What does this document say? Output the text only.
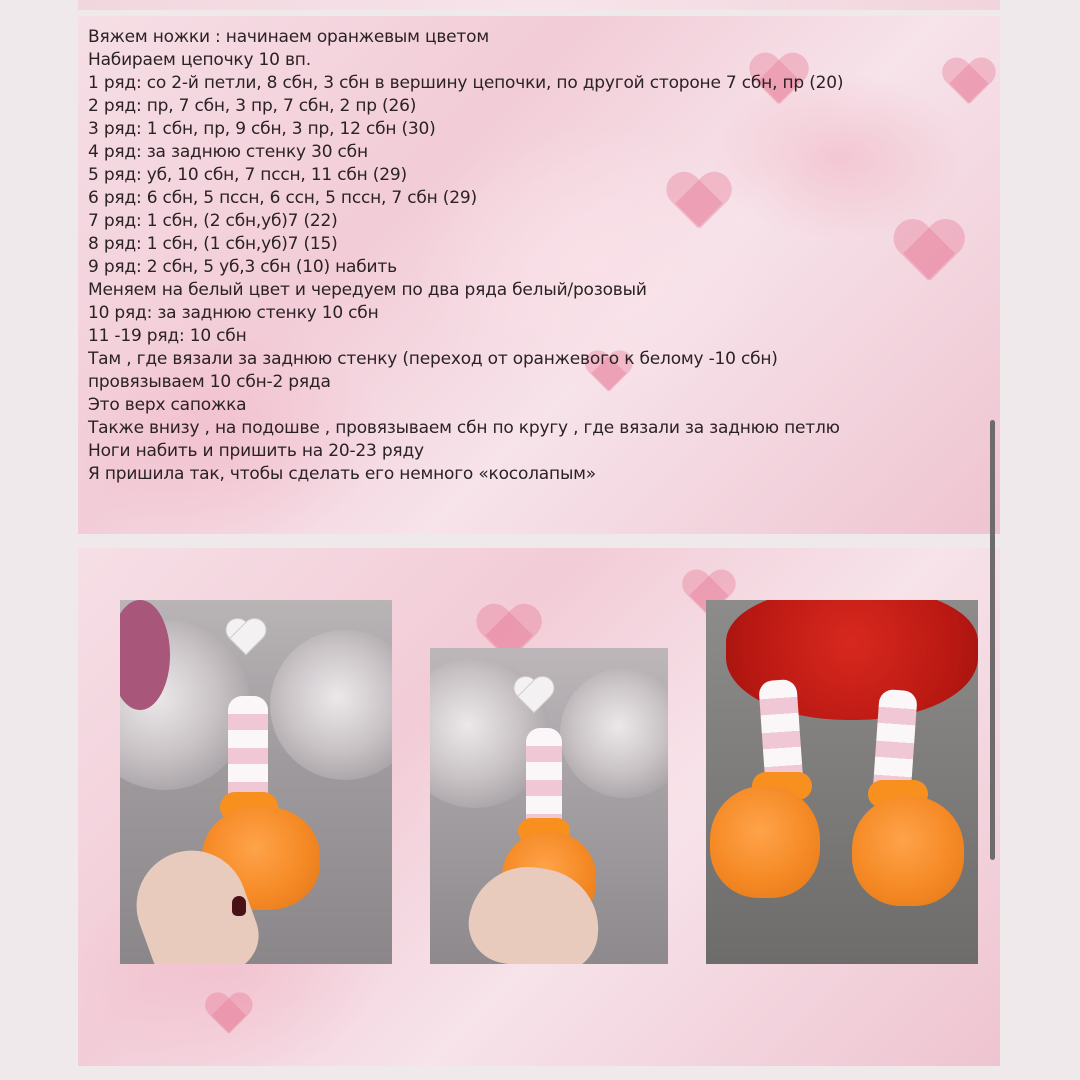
Вяжем ножки : начинаем оранжевым цветом
Набираем цепочку 10 вп.
1 ряд: со 2-й петли, 8 сбн, 3 сбн в вершину цепочки, по другой стороне 7 сбн, пр (20)
2 ряд: пр, 7 сбн, 3 пр, 7 сбн, 2 пр (26)
3 ряд: 1 сбн, пр, 9 сбн, 3 пр, 12 сбн (30)
4 ряд: за заднюю стенку 30 сбн
5 ряд: уб, 10 сбн, 7 пссн, 11 сбн (29)
6 ряд: 6 сбн, 5 пссн, 6 ссн, 5 пссн, 7 сбн (29)
7 ряд: 1 сбн, (2 сбн,уб)7 (22)
8 ряд: 1 сбн, (1 сбн,уб)7 (15)
9 ряд: 2 сбн, 5 уб,3 сбн (10) набить
Меняем на белый цвет и чередуем по два ряда белый/розовый
10 ряд: за заднюю стенку 10 сбн
11 -19 ряд: 10 сбн
Там , где вязали за заднюю стенку (переход от оранжевого к белому -10 сбн)
провязываем 10 сбн-2 ряда
Это верх сапожка
Также внизу , на подошве , провязываем сбн по кругу , где вязали за заднюю петлю
Ноги набить и пришить на 20-23 ряду
Я пришила так, чтобы сделать его немного «косолапым»
